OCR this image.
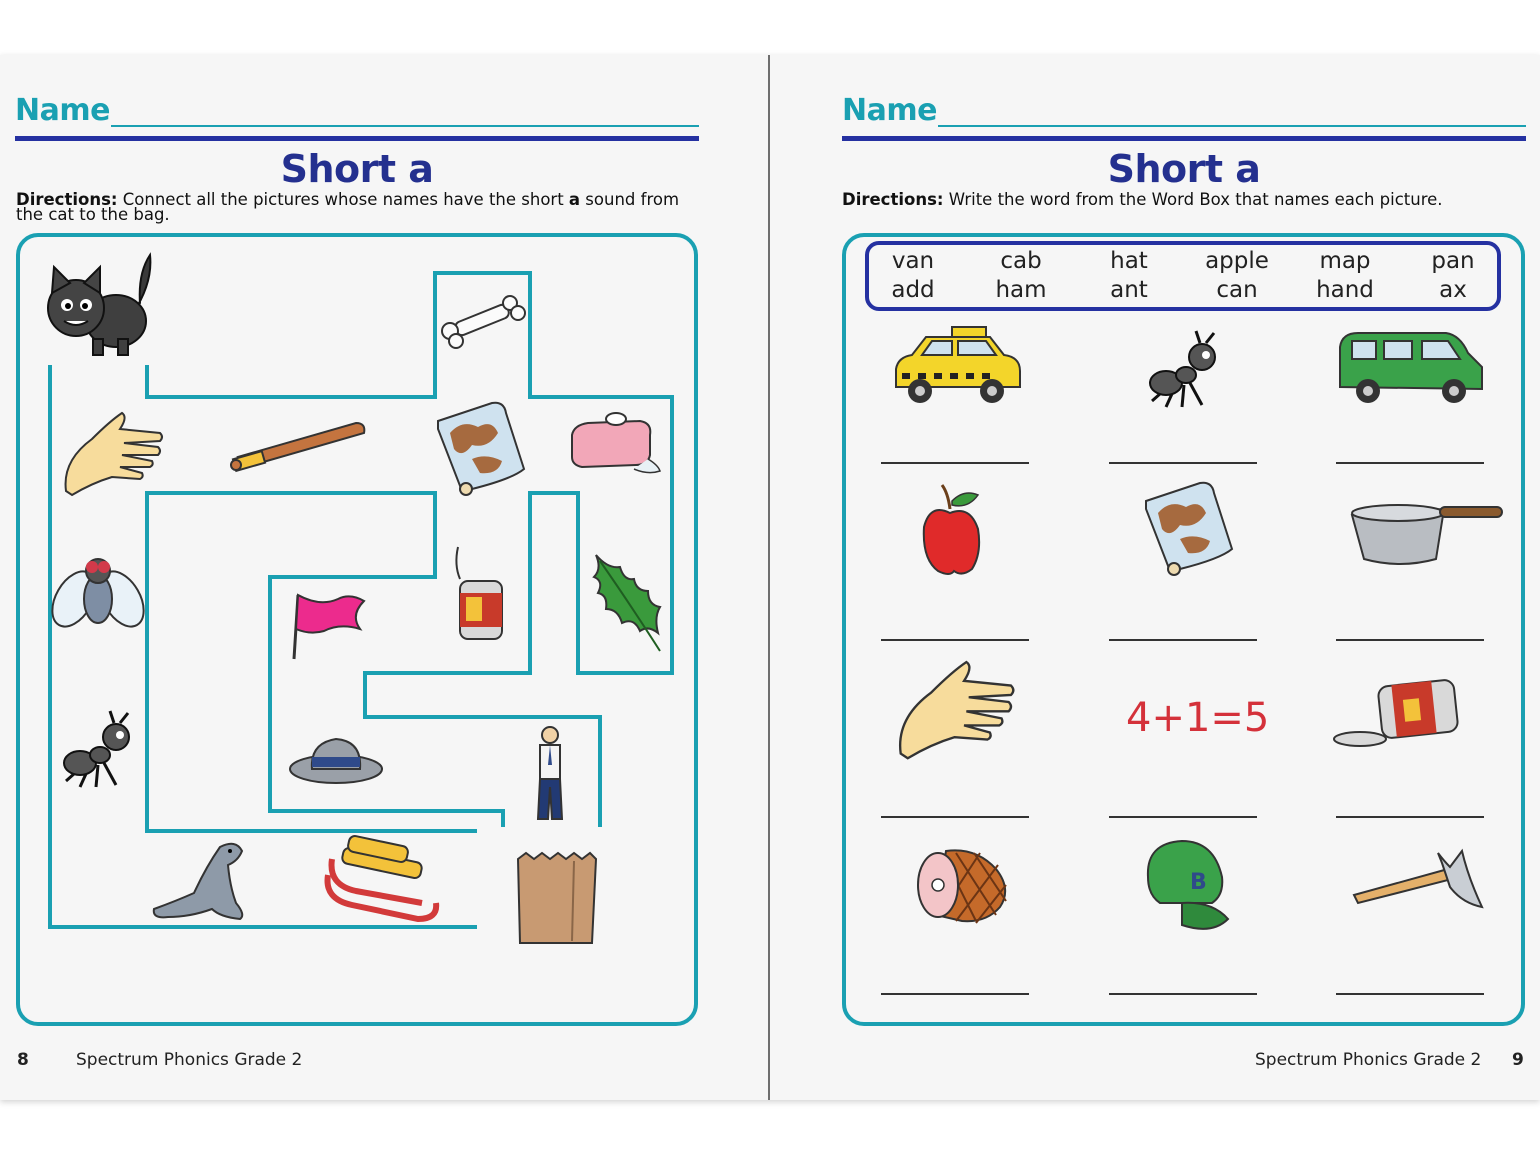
Name
Short a
Directions: Connect all the pictures whose names have the short a sound from the cat to the bag.
8	Spectrum Phonics Grade 2
Name
Short a
Directions: Write the word from the Word Box that names each picture.
van	cab	hat	apple	map	pan
add	ham	ant	can	hand	ax
4+1=5
B
Spectrum Phonics Grade 2 9
